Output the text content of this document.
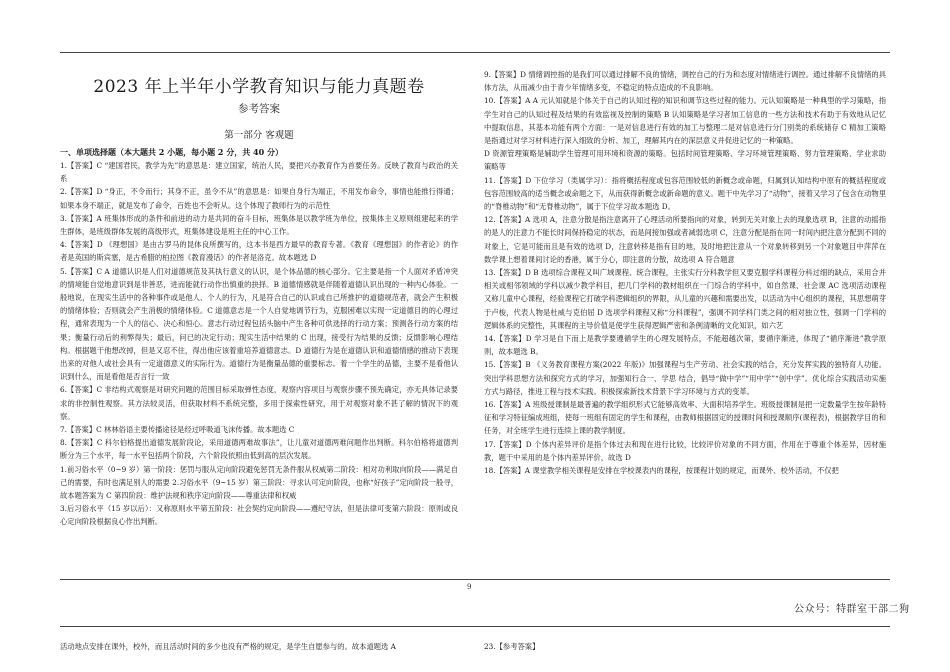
2023 年上半年小学教育知识与能力真题卷
参考答案
第一部分 客观题
一、单项选择题（本大题共 2 小题，每小题 2 分，共 40 分）

1.【答案】C “建国君民，教学为先”的意思是：建立国家，统治人民，要把兴办教育作为首要任务。反映了教育与政治的关系

2.【答案】D “身正，不令而行；其身不正，虽令不从”的意思是：如果自身行为端正，不用发布命令，事情也能推行得通；如果本身不端正，就是发布了命令，百姓也不会听从。这个体现了教师行为的示范性

3.【答案】A 班集体形成的条件和前进的动力是共同的奋斗目标，班集体是以教学班为单位，按集体主义原则组建起来的学生群体，是班级群体发展的高级形式，班集体建设是班主任的中心工作。

4.【答案】D 《理想国》是由古罗马的昆体良所撰写的，这本书是西方最早的教育专著。《教育《理想国》的作者论》的作者是英国的斯宾塞，是古希腊的柏拉图《教育漫话》的作者是洛克。故本题选 D

5.【答案】C A 道德认识是人们对道德规范及其执行意义的认识，是个体品德的核心部分。它主要是指一个人面对矛盾冲突的情境能自觉地意识到是非善恶，进而能就行动作出慎重的抉择。B 道德情感就是伴随着道德认识出现的一种内心体验。一般地说，在现实生活中的各种事件或是他人、个人的行为，凡是符合自己的认识或自己所推护的道德规范者，就会产生积极的情绪体验；否则就会产生消极的情绪体验。C 道德意志是一个人自觉地调节行为，克服困难以实现一定道德目的的心理过程，通常表现为一个人的信心、决心和恒心。意志行动过程包括头脑中产生各种可供选择的行动方案；预测各行动方案的结果；衡量行动后的利弊得失；最后，问已的决定行动；现实生活中结果的 C 出现，接受行为结果的反馈；反馈影响心理结构。根据题干他想改掉，但是又忍不住，得出他应该着重培养道德意志。D 道德行为是在道德认识和道德情感的推动下表现出来的对他人或社会具有一定道德意义的实际行为。道德行为是衡量品德的重要标志。着一个学生的品德，主要不是看他认识到什么，而是看他是否言行一致

6.【答案】C 非结构式观察是对研究问题的范围目标采取弹性态度，观察内容项目与观察步骤不预先确定，亦无具体记录要求的非控制性观察。其方法较灵活，但获取材料不系统完整，多用于探索性研究，用于对观察对象不甚了解的情况下的观察。

7.【答案】C 林林俗语主要传播途径是经过呼吸道飞沫传播。故本题选 C

8.【答案】C 科尔伯格提出道德发展阶段论，采用道德两难故事法”，让儿童对道德两难问题作出判断。科尔伯格将道德判断分为三个水平，每一水平包括两个阶段，六个阶段依照由低到高的层次发展。

1.前习俗水平（0~9 岁）第一阶段：惩罚与服从定向阶段避免惩罚无条件服从权威第二阶段：相对功利取向阶段——满足自己的需要，有时也满足别人的需要 2.习俗水平（9~15 岁）第三阶段：寻求认可定向阶段，也称“好孩子”定向阶段一般寻，故本题答案为 C 第四阶段：维护法规和秩序定向阶段——尊重法律和权威

3.后习俗水平（15 岁以后）：又称原则水平第五阶段：社会契约定向阶段——遵纪守法，但是法律可变第六阶段：原则或良心定向阶段根据良心作出判断。

9.【答案】D 情绪调控指的是我们可以通过排解不良的情绪，调控自己的行为和态度对情绪进行调控。通过排解不良情绪的具体方法，从而减少由于青少年情绪多变，不稳定的特点造成的不良影响。

10.【答案】A A 元认知就是个体关于自己的认知过程的知识和调节这些过程的能力。元认知策略是一种典型的学习策略，指学生对自己的认知过程及结果的有效监视及控制的策略 B 认知策略是学习者加工信息的一些方法和技术有助于有效地从记忆中提取信息，其基本功能有两个方面：一是对信息进行有效的加工与整理二是对信息进行分门别类的系统储存 C 精加工策略是指通过对学习材料进行深入细致的分析、加工，理解其内在的深层意义并促进记忆的一种策略。

D 资源管理策略是辅助学生管理可用环境和资源的策略。包括时间管理策略、学习环境管理策略、努力管理策略、学业求助策略等

11.【答案】D 下位学习（类属学习）：指将概括程度或包容范围较低的新概念或命题，归属到认知结构中原有的概括程度或包容范围较高的适当概念或命题之下，从而获得新概念或新命题的意义。题干中先学习了“动物”，接着又学习了包含在动物里的“脊椎动物”和“无脊椎动物”，属于下位学习故本题选 D。

12.【答案】A 选项 A，注意分散是指注意离开了心理活动所要指向的对象，转到无关对象上去的现象选项 B，注意的动摇指的是人的注意力不能长时间保持稳定的状态，而是间接加强或者减弱选项 C，注意分配是指在同一时间内把注意分配到不同的对象上，它是可能而且是有效的选项 D，注意转移是指有目的地，及时地把注意从一个对象转移到另一个对象题目中萍萍在数学课上想着课间讨论的香港，属于分心，即注意的分散，故选项 A 符合题意

13.【答案】D B 选项综合课程又叫广域课程、统合课程，主张实行分科教学但又要克服学科课程分科过细的缺点，采用合并相关或相邻领域的学科以减少教学科目，把几门学科的教材组织在一门综合的学科中，如自然课、社会课 AC 选项活动课程又称儿童中心课程，经验课程它打破学科逻辑组织的界限，从儿童的兴趣和需要出发，以活动为中心组织的课程，其思想萌芽于卢梭，代表人物是杜威与克伯屈 D 选项学科课程又称“分科课程”，强调不同学科门类之间的相对独立性，强调一门学科的逻辑体系的完整性，其课程的主导价值是使学生获得逻辑严密和条例清晰的文化知识，如六艺

14.【答案】D 学习是自下而上是教学要遵循学生的心理发展特点，不能超越次第，要循序渐进，体现了“循序渐进”教学原则，故本题选 B。

15.【答案】B 《义务教育课程方案(2022 年版)》加强课程与生产劳动、社会实践的结合，充分发挥实践的独特育人功能。突出学科思想方法和探究方式的学习，加强知行合一、学思 结合，倡导“做中学”“用中学”“创中学”。优化综合实践活动实施方式与路径，推进工程与技术实践。积极探索新技术背景下学习环境与方式的变革。

16.【答案】A 班级授课制是最普遍的教学组织形式它能够高效率、大面积培养学生。班级授课制是把一定数量学生按年龄特征和学习特征编成班组，使每一班组有固定的学生和课程，由教师根据固定的授课时间和授课顺序(课程表)，根据教学目的和任务，对全班学生进行连续上课的教学制度。

17.【答案】D 个体内差异评价是指个体过去和现在进行比较，比较评价对象的不同方面，作用在于尊重个体差异，因材施教，题干中采用的是个体内差异评价，故选 D

18.【答案】A 课堂教学相关课程是安排在学校课表内的课程，按课程计划的规定，而课外、校外活动，不仅把

9
公众号：特群室干部二狗
活动地点安排在课外，校外，而且活动时间的多少也没有严格的规定，是学生自愿参与的。故本道题选 A	23.【参考答案】
